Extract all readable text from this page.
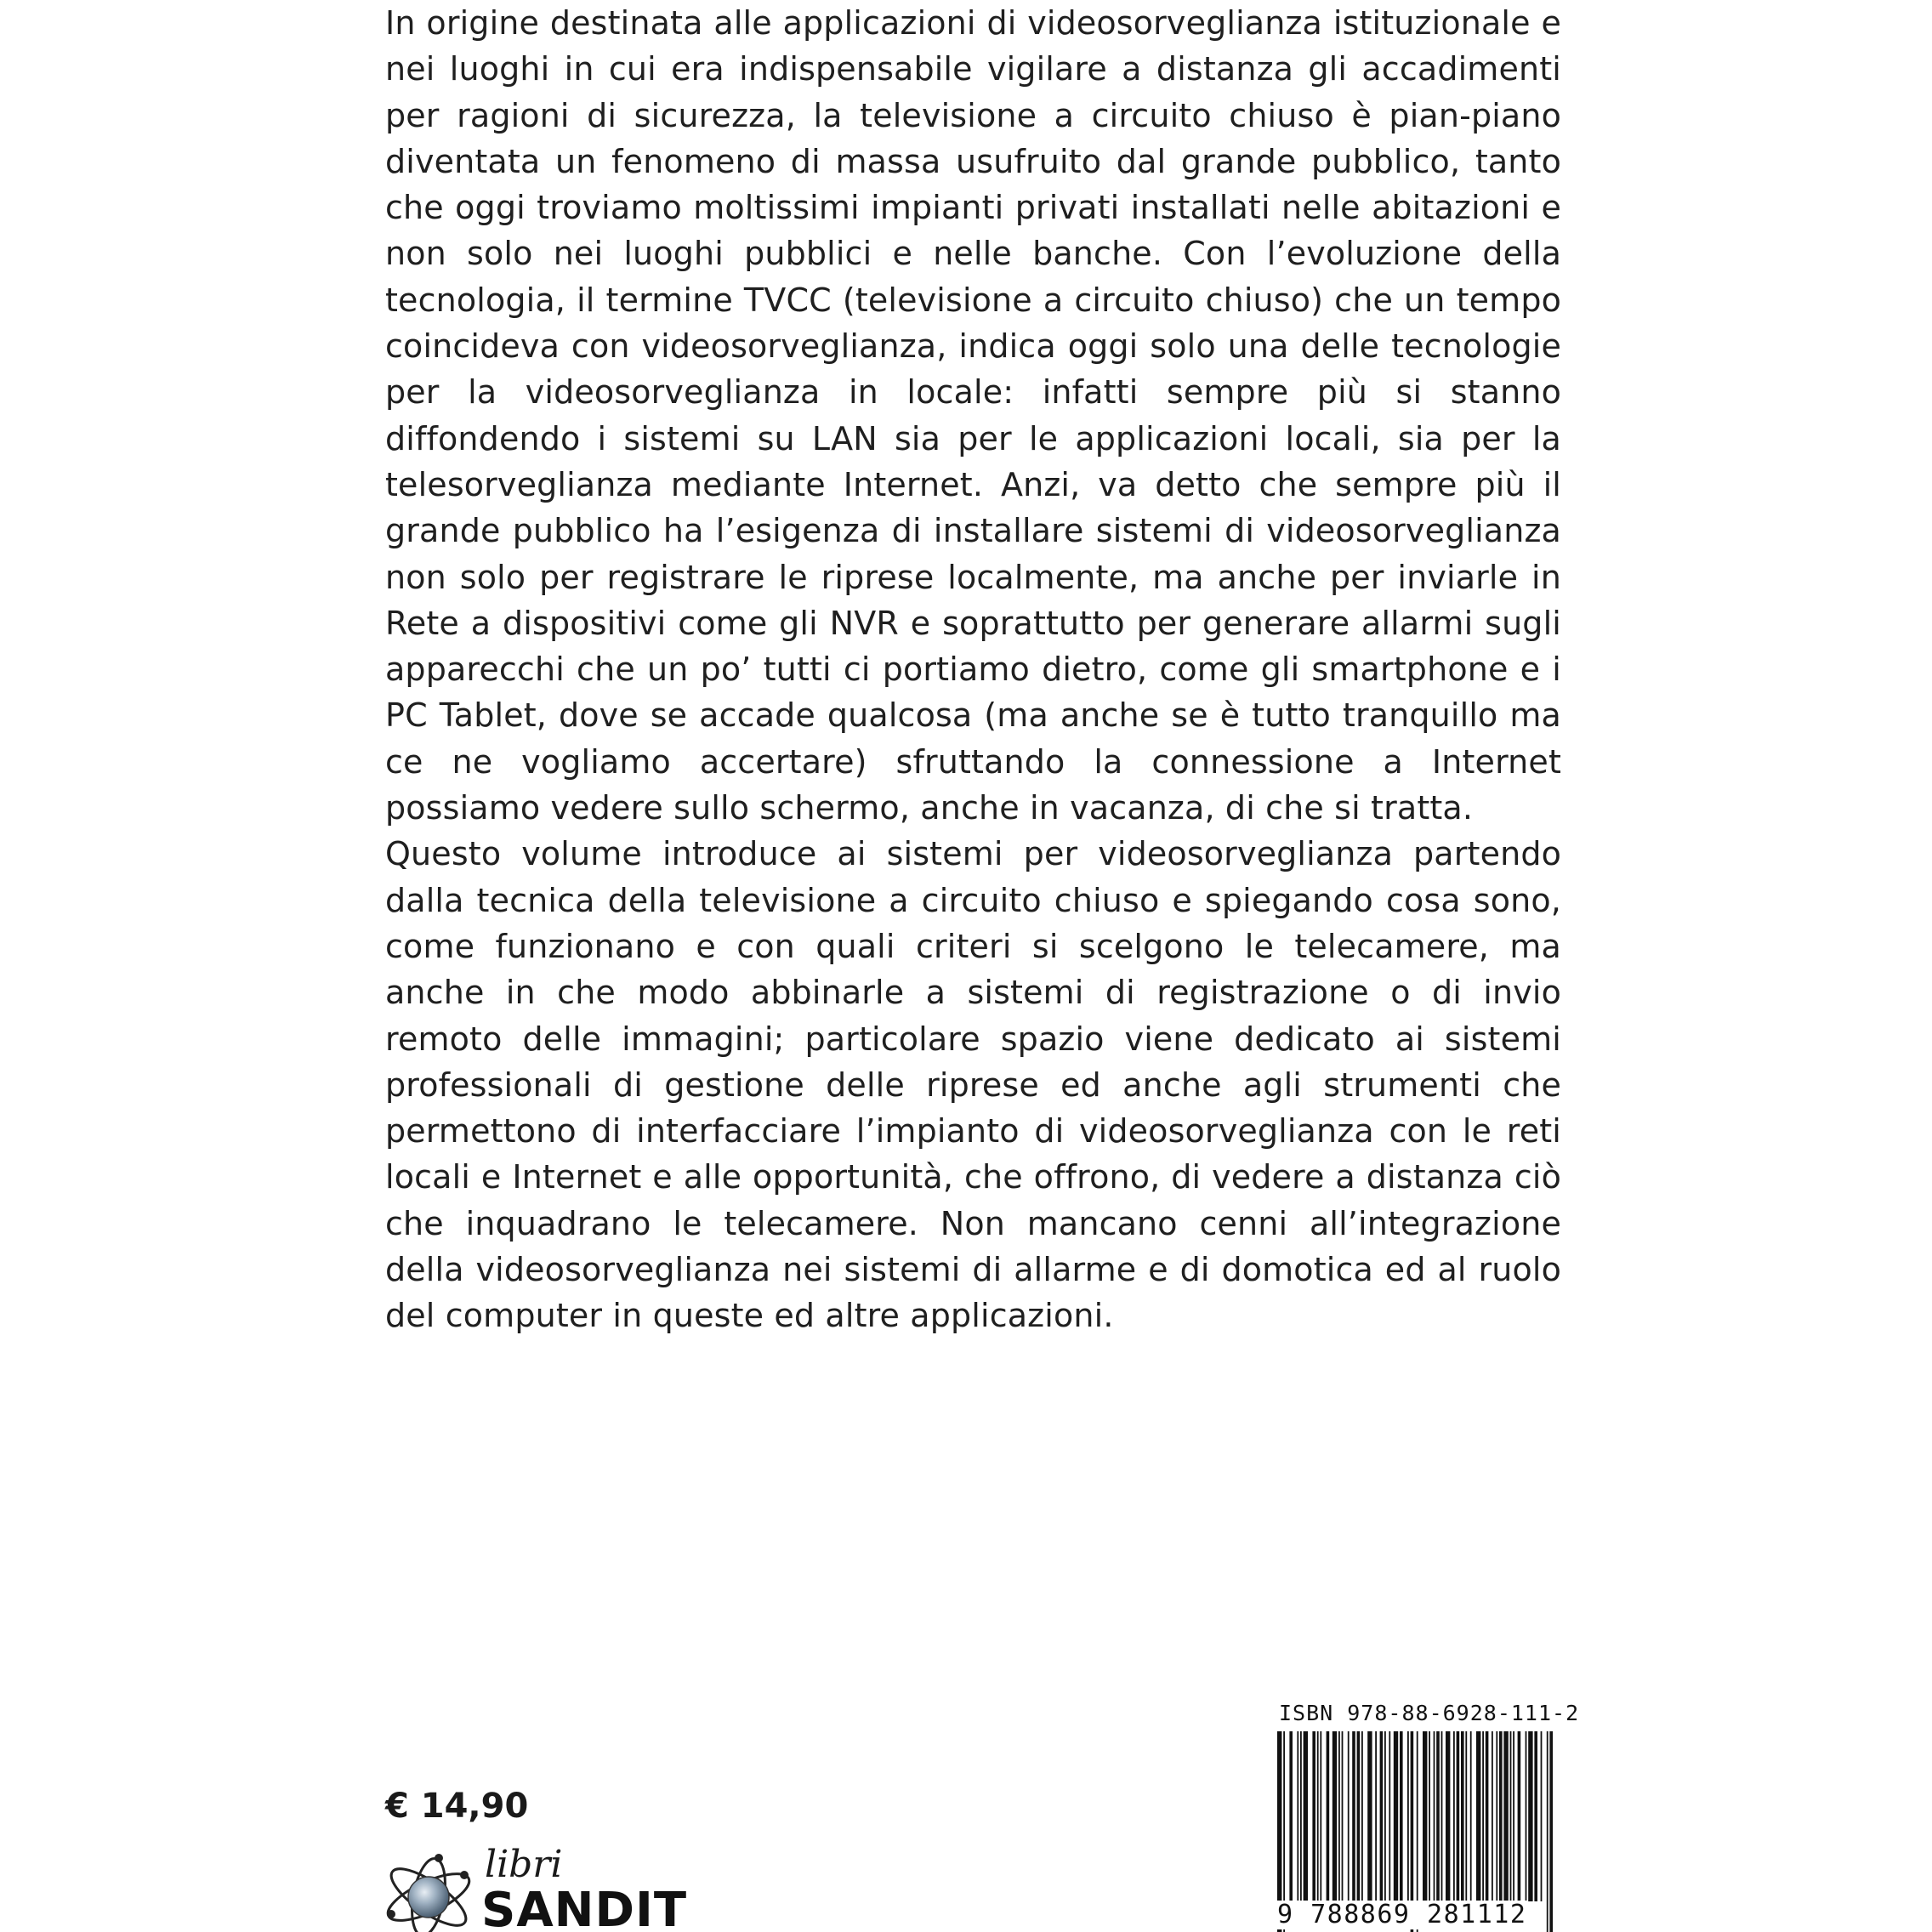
In origine destinata alle applicazioni di videosorveglianza istituzionale e nei luoghi in cui era indispensabile vigilare a distanza gli accadimenti per ragioni di sicurezza, la televisione a circuito chiuso è pian-piano diventata un fenomeno di massa usufruito dal grande pubblico, tanto che oggi troviamo moltissimi impianti privati installati nelle abitazioni e non solo nei luoghi pubblici e nelle banche. Con l’evoluzione della tecnologia, il termine TVCC (televisione a circuito chiuso) che un tempo coincideva con videosorveglianza, indica oggi solo una delle tecnologie per la videosorveglianza in locale: infatti sempre più si stanno diffondendo i sistemi su LAN sia per le applicazioni locali, sia per la telesorveglianza mediante Internet. Anzi, va detto che sempre più il grande pubblico ha l’esigenza di installare sistemi di videosorveglianza non solo per registrare le riprese localmente, ma anche per inviarle in Rete a dispositivi come gli NVR e soprattutto per generare allarmi sugli apparecchi che un po’ tutti ci portiamo dietro, come gli smartphone e i PC Tablet, dove se accade qualcosa (ma anche se è tutto tranquillo ma ce ne vogliamo accertare) sfruttando la connessione a Internet possiamo vedere sullo schermo, anche in vacanza, di che si tratta.

Questo volume introduce ai sistemi per videosorveglianza partendo dalla tecnica della televisione a circuito chiuso e spiegando cosa sono, come funzionano e con quali criteri si scelgono le telecamere, ma anche in che modo abbinarle a sistemi di registrazione o di invio remoto delle immagini; particolare spazio viene dedicato ai sistemi professionali di gestione delle riprese ed anche agli strumenti che permettono di interfacciare l’impianto di videosorveglianza con le reti locali e Internet e alle opportunità, che offrono, di vedere a distanza ciò che inquadrano le telecamere. Non mancano cenni all’integrazione della videosorveglianza nei sistemi di allarme e di domotica ed al ruolo del computer in queste ed altre applicazioni.

€ 14,90
libri
SANDIT
ISBN 978-88-6928-111-2
9 788869 281112
